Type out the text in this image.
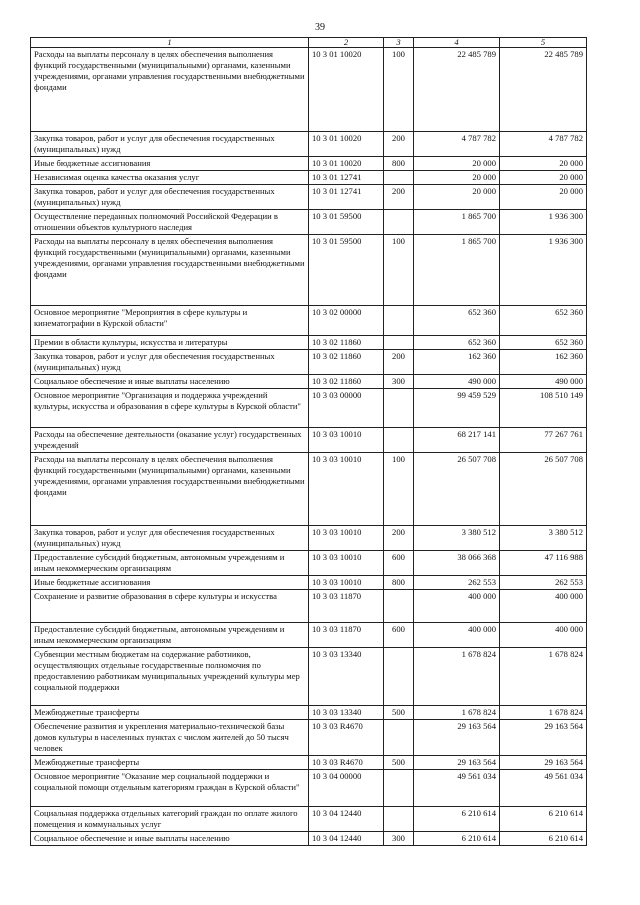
39
1	2	3	4	5
Расходы на выплаты персоналу в целях обеспечения выполнения функций государственными (муниципальными) органами, казенными учреждениями, органами управления государственными внебюджетными фондами	10 3 01 10020	100	22 485 789	22 485 789
Закупка товаров, работ и услуг для обеспечения государственных (муниципальных) нужд	10 3 01 10020	200	4 787 782	4 787 782
Иные бюджетные ассигнования	10 3 01 10020	800	20 000	20 000
Независимая оценка качества оказания услуг	10 3 01 12741		20 000	20 000
Закупка товаров, работ и услуг для обеспечения государственных (муниципальных) нужд	10 3 01 12741	200	20 000	20 000
Осуществление переданных полномочий Российской Федерации в отношении объектов культурного наследия	10 3 01 59500		1 865 700	1 936 300
Расходы на выплаты персоналу в целях обеспечения выполнения функций государственными (муниципальными) органами, казенными учреждениями, органами управления государственными внебюджетными фондами	10 3 01 59500	100	1 865 700	1 936 300
Основное мероприятие "Мероприятия в сфере культуры и кинематографии в Курской области"	10 3 02 00000		652 360	652 360
Премии в области культуры, искусства и литературы	10 3 02 11860		652 360	652 360
Закупка товаров, работ и услуг для обеспечения государственных (муниципальных) нужд	10 3 02 11860	200	162 360	162 360
Социальное обеспечение и иные выплаты населению	10 3 02 11860	300	490 000	490 000
Основное мероприятие "Организация и поддержка учреждений культуры, искусства и образования в сфере культуры в Курской области"	10 3 03 00000		99 459 529	108 510 149
Расходы на обеспечение деятельности (оказание услуг) государственных учреждений	10 3 03 10010		68 217 141	77 267 761
Расходы на выплаты персоналу в целях обеспечения выполнения функций государственными (муниципальными) органами, казенными учреждениями, органами управления государственными внебюджетными фондами	10 3 03 10010	100	26 507 708	26 507 708
Закупка товаров, работ и услуг для обеспечения государственных (муниципальных) нужд	10 3 03 10010	200	3 380 512	3 380 512
Предоставление субсидий бюджетным, автономным учреждениям и иным некоммерческим организациям	10 3 03 10010	600	38 066 368	47 116 988
Иные бюджетные ассигнования	10 3 03 10010	800	262 553	262 553
Сохранение и развитие образования в сфере культуры и искусства	10 3 03 11870		400 000	400 000
Предоставление субсидий бюджетным, автономным учреждениям и иным некоммерческим организациям	10 3 03 11870	600	400 000	400 000
Субвенции местным бюджетам на содержание работников, осуществляющих отдельные государственные полномочия по предоставлению работникам муниципальных учреждений культуры мер социальной поддержки	10 3 03 13340		1 678 824	1 678 824
Межбюджетные трансферты	10 3 03 13340	500	1 678 824	1 678 824
Обеспечение развития и укрепления материально-технической базы домов культуры в населенных пунктах с числом жителей до 50 тысяч человек	10 3 03 R4670		29 163 564	29 163 564
Межбюджетные трансферты	10 3 03 R4670	500	29 163 564	29 163 564
Основное мероприятие "Оказание мер социальной поддержки и социальной помощи отдельным категориям граждан в Курской области"	10 3 04 00000		49 561 034	49 561 034
Социальная поддержка отдельных категорий граждан по оплате жилого помещения и коммунальных услуг	10 3 04 12440		6 210 614	6 210 614
Социальное обеспечение и иные выплаты населению	10 3 04 12440	300	6 210 614	6 210 614
